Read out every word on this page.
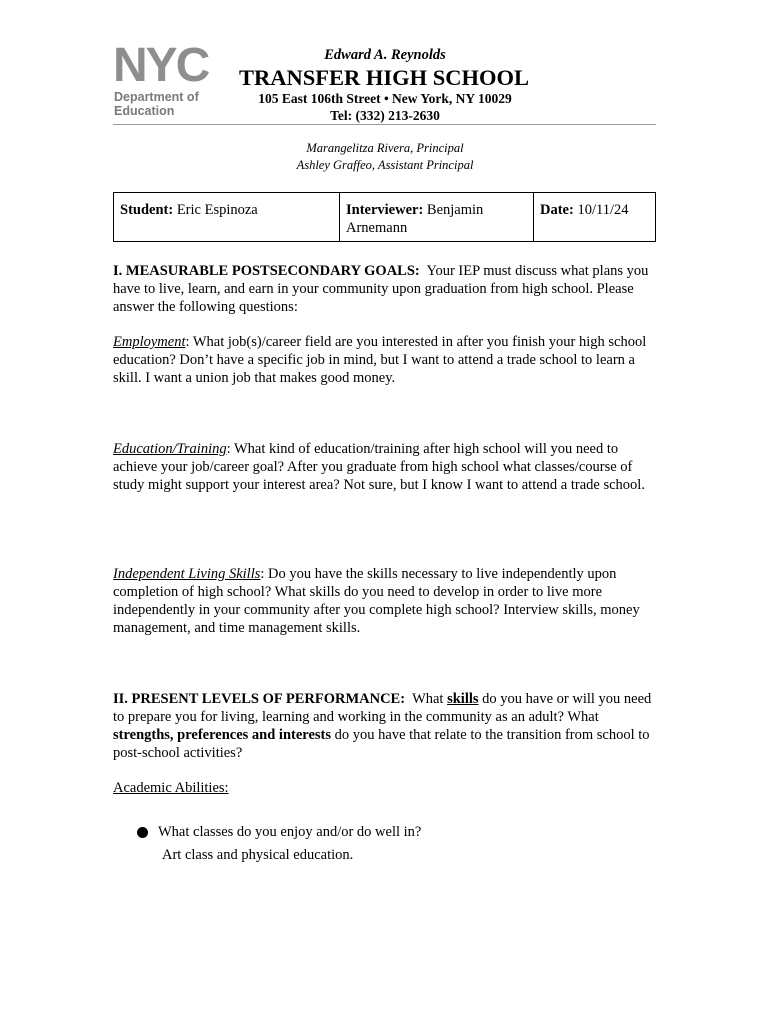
NYC
Department of
Education
Edward A. Reynolds
TRANSFER HIGH SCHOOL
105 East 106th Street • New York, NY 10029
Tel: (332) 213-2630
Marangelitza Rivera, Principal
Ashley Graffeo, Assistant Principal
Student: Eric Espinoza	Interviewer: Benjamin Arnemann
Date: 10/11/24
I. MEASURABLE POSTSECONDARY GOALS: Your IEP must discuss what plans you have to live, learn, and earn in your community upon graduation from high school. Please answer the following questions:
Employment: What job(s)/career field are you interested in after you finish your high school education? Don’t have a specific job in mind, but I want to attend a trade school to learn a skill. I want a union job that makes good money.
Education/Training: What kind of education/training after high school will you need to achieve your job/career goal? After you graduate from high school what classes/course of study might support your interest area? Not sure, but I know I want to attend a trade school.
Independent Living Skills: Do you have the skills necessary to live independently upon completion of high school? What skills do you need to develop in order to live more independently in your community after you complete high school? Interview skills, money management, and time management skills.
II. PRESENT LEVELS OF PERFORMANCE: What skills do you have or will you need to prepare you for living, learning and working in the community as an adult? What strengths, preferences and interests do you have that relate to the transition from school to post-school activities?
Academic Abilities:
What classes do you enjoy and/or do well in?
Art class and physical education.
